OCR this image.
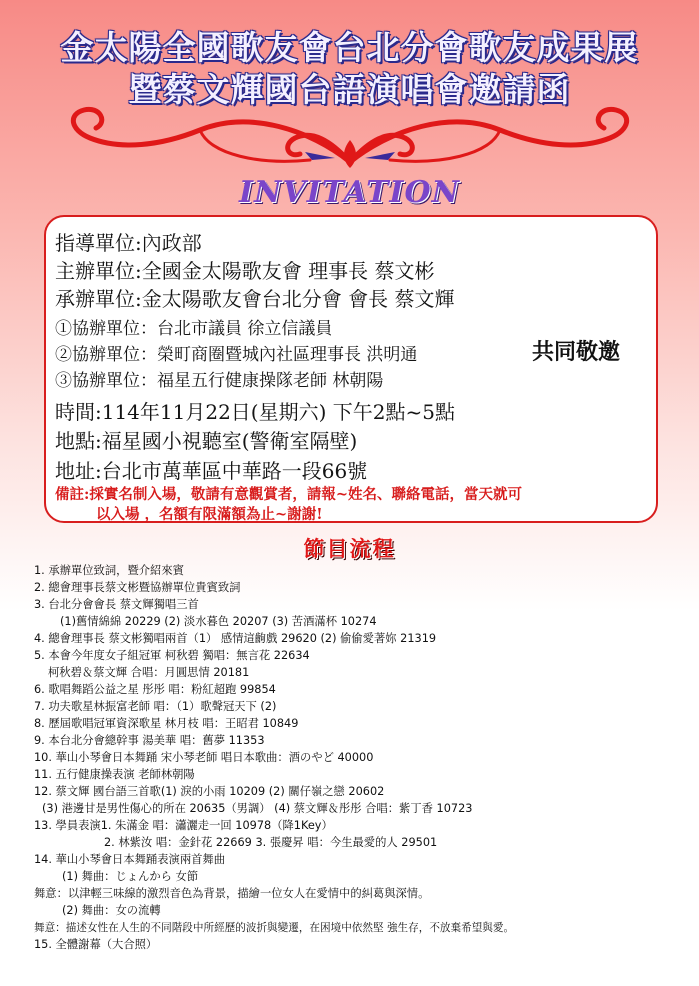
金太陽全國歌友會台北分會歌友成果展
暨蔡文輝國台語演唱會邀請函
INVITATION
指導單位:內政部
主辦單位:全國金太陽歌友會 理事長 蔡文彬
承辦單位:金太陽歌友會台北分會 會長 蔡文輝
①協辦單位：台北市議員 徐立信議員
②協辦單位：榮町商圈暨城內社區理事長 洪明通
③協辦單位：福星五行健康操隊老師 林朝陽
共同敬邀
時間:114年11月22日(星期六) 下午2點~5點
地點:福星國小視聽室(警衛室隔壁)
地址:台北市萬華區中華路一段66號
備註:採實名制入場，敬請有意觀賞者，請報~姓名、聯絡電話，當天就可
以入場 ，名額有限滿額為止~謝謝!
節目流程
1. 承辦單位致詞，暨介紹來賓
2. 總會理事長蔡文彬暨協辦單位貴賓致詞
3. 台北分會會長 蔡文輝獨唱三首
(1)舊情綿綿 20229 (2) 淡水暮色 20207 (3) 苦酒滿杯 10274
4. 總會理事長 蔡文彬獨唱兩首（1） 感情這齣戲 29620 (2) 偷偷愛著妳 21319
5. 本會今年度女子組冠軍 柯秋碧 獨唱：無言花 22634
柯秋碧＆蔡文輝 合唱：月圓思情 20181
6. 歌唱舞蹈公益之星 彤彤 唱：粉紅超跑 99854
7. 功夫歌星林振富老師 唱：（1）歌聲冠天下 (2)
8. 歷屆歌唱冠軍資深歌星 林月枝 唱：王昭君 10849
9. 本台北分會總幹事 湯美華 唱：舊夢 11353
10. 華山小琴會日本舞踊 宋小琴老師 唱日本歌曲：酒のやど 40000
11. 五行健康操表演 老師林朝陽
12. 蔡文輝 國台語三首歌(1) 淚的小雨 10209 (2) 關仔嶺之戀 20602
(3) 港邊甘是男性傷心的所在 20635（男調） (4) 蔡文輝＆彤彤 合唱：紫丁香 10723
13. 學員表演1. 朱滿金 唱：瀟灑走一回 10978（降1Key）
2. 林紫汝 唱：金針花 22669 3. 張慶昇 唱：今生最愛的人 29501
14. 華山小琴會日本舞踊表演兩首舞曲
(1) 舞曲：じょんから 女節
舞意：以津輕三味線的激烈音色為背景，描繪一位女人在愛情中的糾葛與深情。
(2) 舞曲：女の流轉
舞意：描述女性在人生的不同階段中所經歷的波折與變遷，在困境中依然堅 強生存，不放棄希望與愛。
15. 全體謝幕（大合照）
